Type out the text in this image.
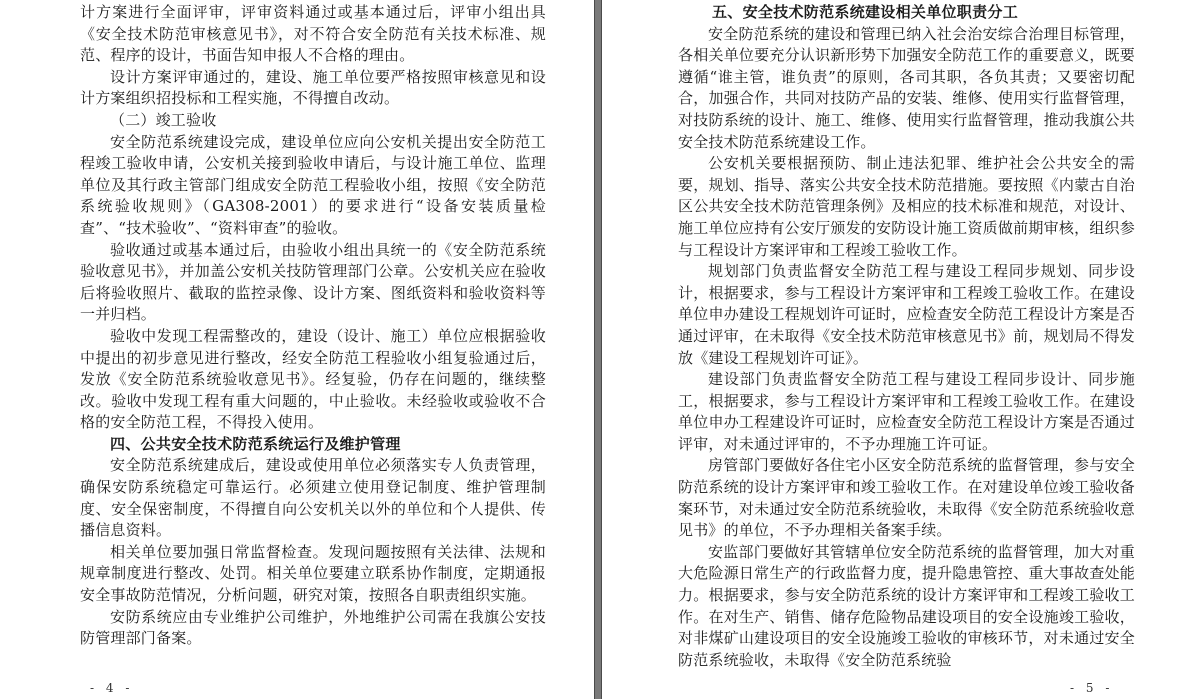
计方案进行全面评审，评审资料通过或基本通过后，评审小组出具《安全技术防范审核意见书》，对不符合安全防范有关技术标准、规范、程序的设计，书面告知申报人不合格的理由。

设计方案评审通过的，建设、施工单位要严格按照审核意见和设计方案组织招投标和工程实施，不得擅自改动。

（二）竣工验收

安全防范系统建设完成，建设单位应向公安机关提出安全防范工程竣工验收申请，公安机关接到验收申请后，与设计施工单位、监理单位及其行政主管部门组成安全防范工程验收小组，按照《安全防范系统验收规则》（GA308-2001）的要求进行“设备安装质量检查”、“技术验收”、“资料审查”的验收。

验收通过或基本通过后，由验收小组出具统一的《安全防范系统验收意见书》，并加盖公安机关技防管理部门公章。公安机关应在验收后将验收照片、截取的监控录像、设计方案、图纸资料和验收资料等一并归档。

验收中发现工程需整改的，建设（设计、施工）单位应根据验收中提出的初步意见进行整改，经安全防范工程验收小组复验通过后，发放《安全防范系统验收意见书》。经复验，仍存在问题的，继续整改。验收中发现工程有重大问题的，中止验收。未经验收或验收不合格的安全防范工程，不得投入使用。

四、公共安全技术防范系统运行及维护管理

安全防范系统建成后，建设或使用单位必须落实专人负责管理，确保安防系统稳定可靠运行。必须建立使用登记制度、维护管理制度、安全保密制度，不得擅自向公安机关以外的单位和个人提供、传播信息资料。

相关单位要加强日常监督检查。发现问题按照有关法律、法规和规章制度进行整改、处罚。相关单位要建立联系协作制度，定期通报安全事故防范情况，分析问题，研究对策，按照各自职责组织实施。

安防系统应由专业维护公司维护，外地维护公司需在我旗公安技防管理部门备案。

- 4 -
五、安全技术防范系统建设相关单位职责分工

安全防范系统的建设和管理已纳入社会治安综合治理目标管理，各相关单位要充分认识新形势下加强安全防范工作的重要意义，既要遵循“谁主管，谁负责”的原则，各司其职，各负其责；又要密切配合，加强合作，共同对技防产品的安装、维修、使用实行监督管理，对技防系统的设计、施工、维修、使用实行监督管理，推动我旗公共安全技术防范系统建设工作。

公安机关要根据预防、制止违法犯罪、维护社会公共安全的需要，规划、指导、落实公共安全技术防范措施。要按照《内蒙古自治区公共安全技术防范管理条例》及相应的技术标准和规范，对设计、施工单位应持有公安厅颁发的安防设计施工资质做前期审核，组织参与工程设计方案评审和工程竣工验收工作。

规划部门负责监督安全防范工程与建设工程同步规划、同步设计，根据要求，参与工程设计方案评审和工程竣工验收工作。在建设单位申办建设工程规划许可证时，应检查安全防范工程设计方案是否通过评审，在未取得《安全技术防范审核意见书》前，规划局不得发放《建设工程规划许可证》。

建设部门负责监督安全防范工程与建设工程同步设计、同步施工，根据要求，参与工程设计方案评审和工程竣工验收工作。在建设单位申办工程建设许可证时，应检查安全防范工程设计方案是否通过评审，对未通过评审的，不予办理施工许可证。

房管部门要做好各住宅小区安全防范系统的监督管理，参与安全防范系统的设计方案评审和竣工验收工作。在对建设单位竣工验收备案环节，对未通过安全防范系统验收，未取得《安全防范系统验收意见书》的单位，不予办理相关备案手续。

安监部门要做好其管辖单位安全防范系统的监督管理，加大对重大危险源日常生产的行政监督力度，提升隐患管控、重大事故查处能力。根据要求，参与安全防范系统的设计方案评审和工程竣工验收工作。在对生产、销售、储存危险物品建设项目的安全设施竣工验收，对非煤矿山建设项目的安全设施竣工验收的审核环节，对未通过安全防范系统验收，未取得《安全防范系统验

- 5 -
